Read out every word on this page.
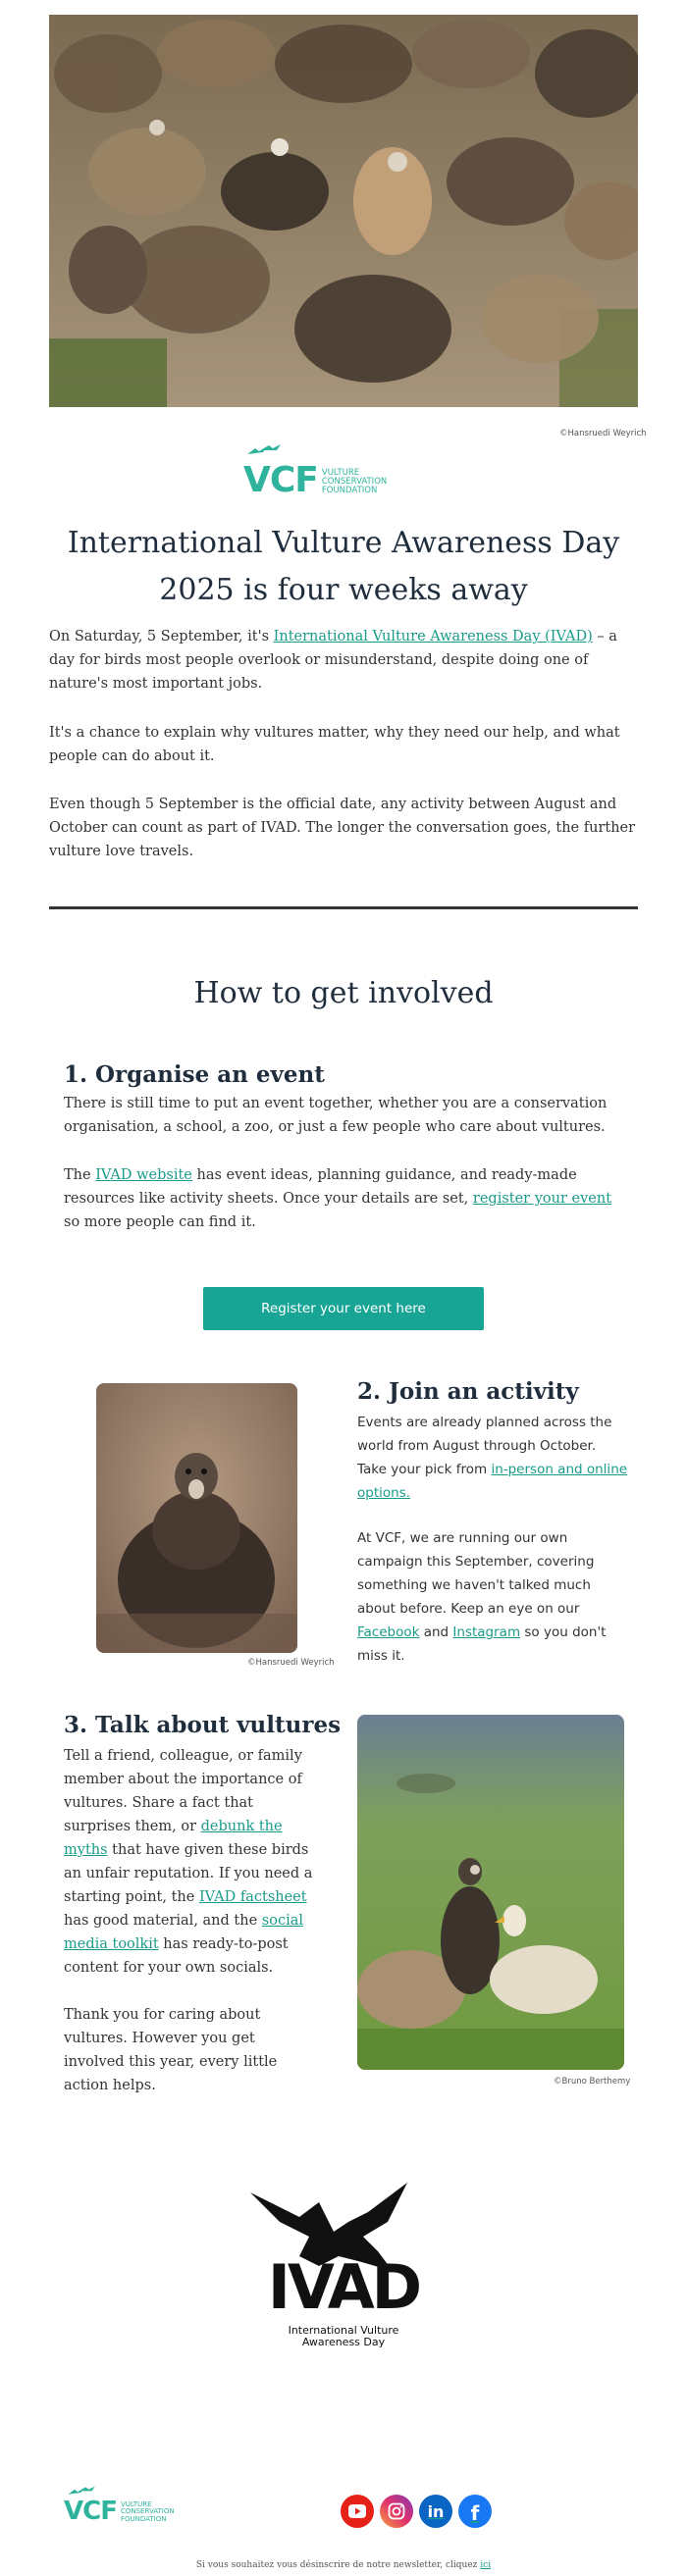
©Hansruedi Weyrich
VCF VULTURE
CONSERVATION
FOUNDATION
International Vulture Awareness Day
2025 is four weeks away

On Saturday, 5 September, it's International Vulture Awareness Day (IVAD) – a day for birds most people overlook or misunderstand, despite doing one of nature's most important jobs.

It's a chance to explain why vultures matter, why they need our help, and what people can do about it.

Even though 5 September is the official date, any activity between August and October can count as part of IVAD. The longer the conversation goes, the further vulture love travels.

How to get involved
1. Organise an event

There is still time to put an event together, whether you are a conservation organisation, a school, a zoo, or just a few people who care about vultures.

The IVAD website has event ideas, planning guidance, and ready-made resources like activity sheets. Once your details are set, register your event so more people can find it.

Register your event here
©Hansruedi Weyrich
2. Join an activity

Events are already planned across the world from August through October. Take your pick from in-person and online options.

At VCF, we are running our own campaign this September, covering something we haven't talked much about before. Keep an eye on our Facebook and Instagram so you don't miss it.

3. Talk about vultures

Tell a friend, colleague, or family member about the importance of vultures. Share a fact that surprises them, or debunk the myths that have given these birds an unfair reputation. If you need a starting point, the IVAD factsheet has good material, and the social media toolkit has ready-to-post content for your own socials.

Thank you for caring about vultures. However you get involved this year, every little action helps.	©Bruno Berthemy
IVAD
International Vulture
Awareness Day
VCF VULTURE
CONSERVATION
FOUNDATION	in f
Si vous souhaitez vous désinscrire de notre newsletter, cliquez ici
